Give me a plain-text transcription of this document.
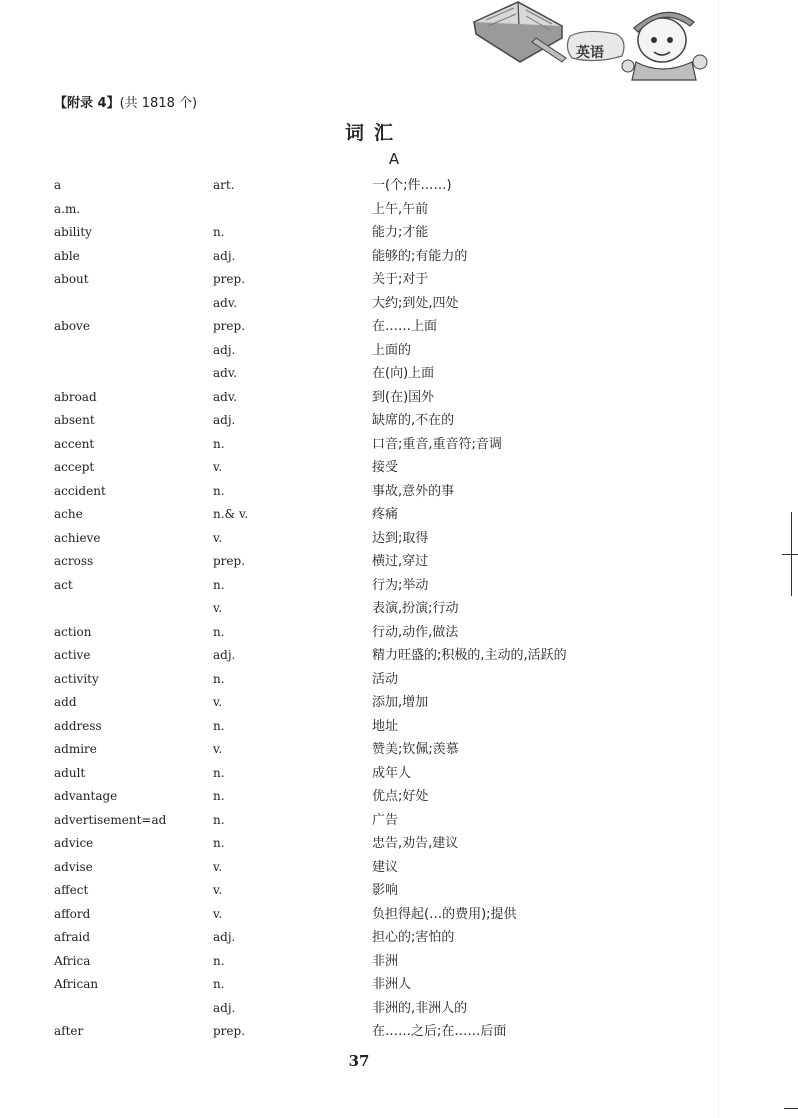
英语
【附录 4】(共 1818 个)
词汇
A
a	art.	一(个;件……)
a.m.	上午,午前
ability	n.	能力;才能
able	adj.	能够的;有能力的
about	prep.	关于;对于
adv.	大约;到处,四处
above	prep.	在……上面
adj.	上面的
adv.	在(向)上面
abroad	adv.	到(在)国外
absent	adj.	缺席的,不在的
accent	n.	口音;重音,重音符;音调
accept	v.	接受
accident	n.	事故,意外的事
ache	n.& v.	疼痛
achieve	v.	达到;取得
across	prep.	横过,穿过
act	n.	行为;举动
v.	表演,扮演;行动
action	n.	行动,动作,做法
active	adj.	精力旺盛的;积极的,主动的,活跃的
activity	n.	活动
add	v.	添加,增加
address	n.	地址
admire	v.	赞美;钦佩;羡慕
adult	n.	成年人
advantage	n.	优点;好处
advertisement=ad	n.	广告
advice	n.	忠告,劝告,建议
advise	v.	建议
affect	v.	影响
afford	v.	负担得起(…的费用);提供
afraid	adj.	担心的;害怕的
Africa	n.	非洲
African	n.	非洲人
adj.	非洲的,非洲人的
after	prep.	在……之后;在……后面
37
